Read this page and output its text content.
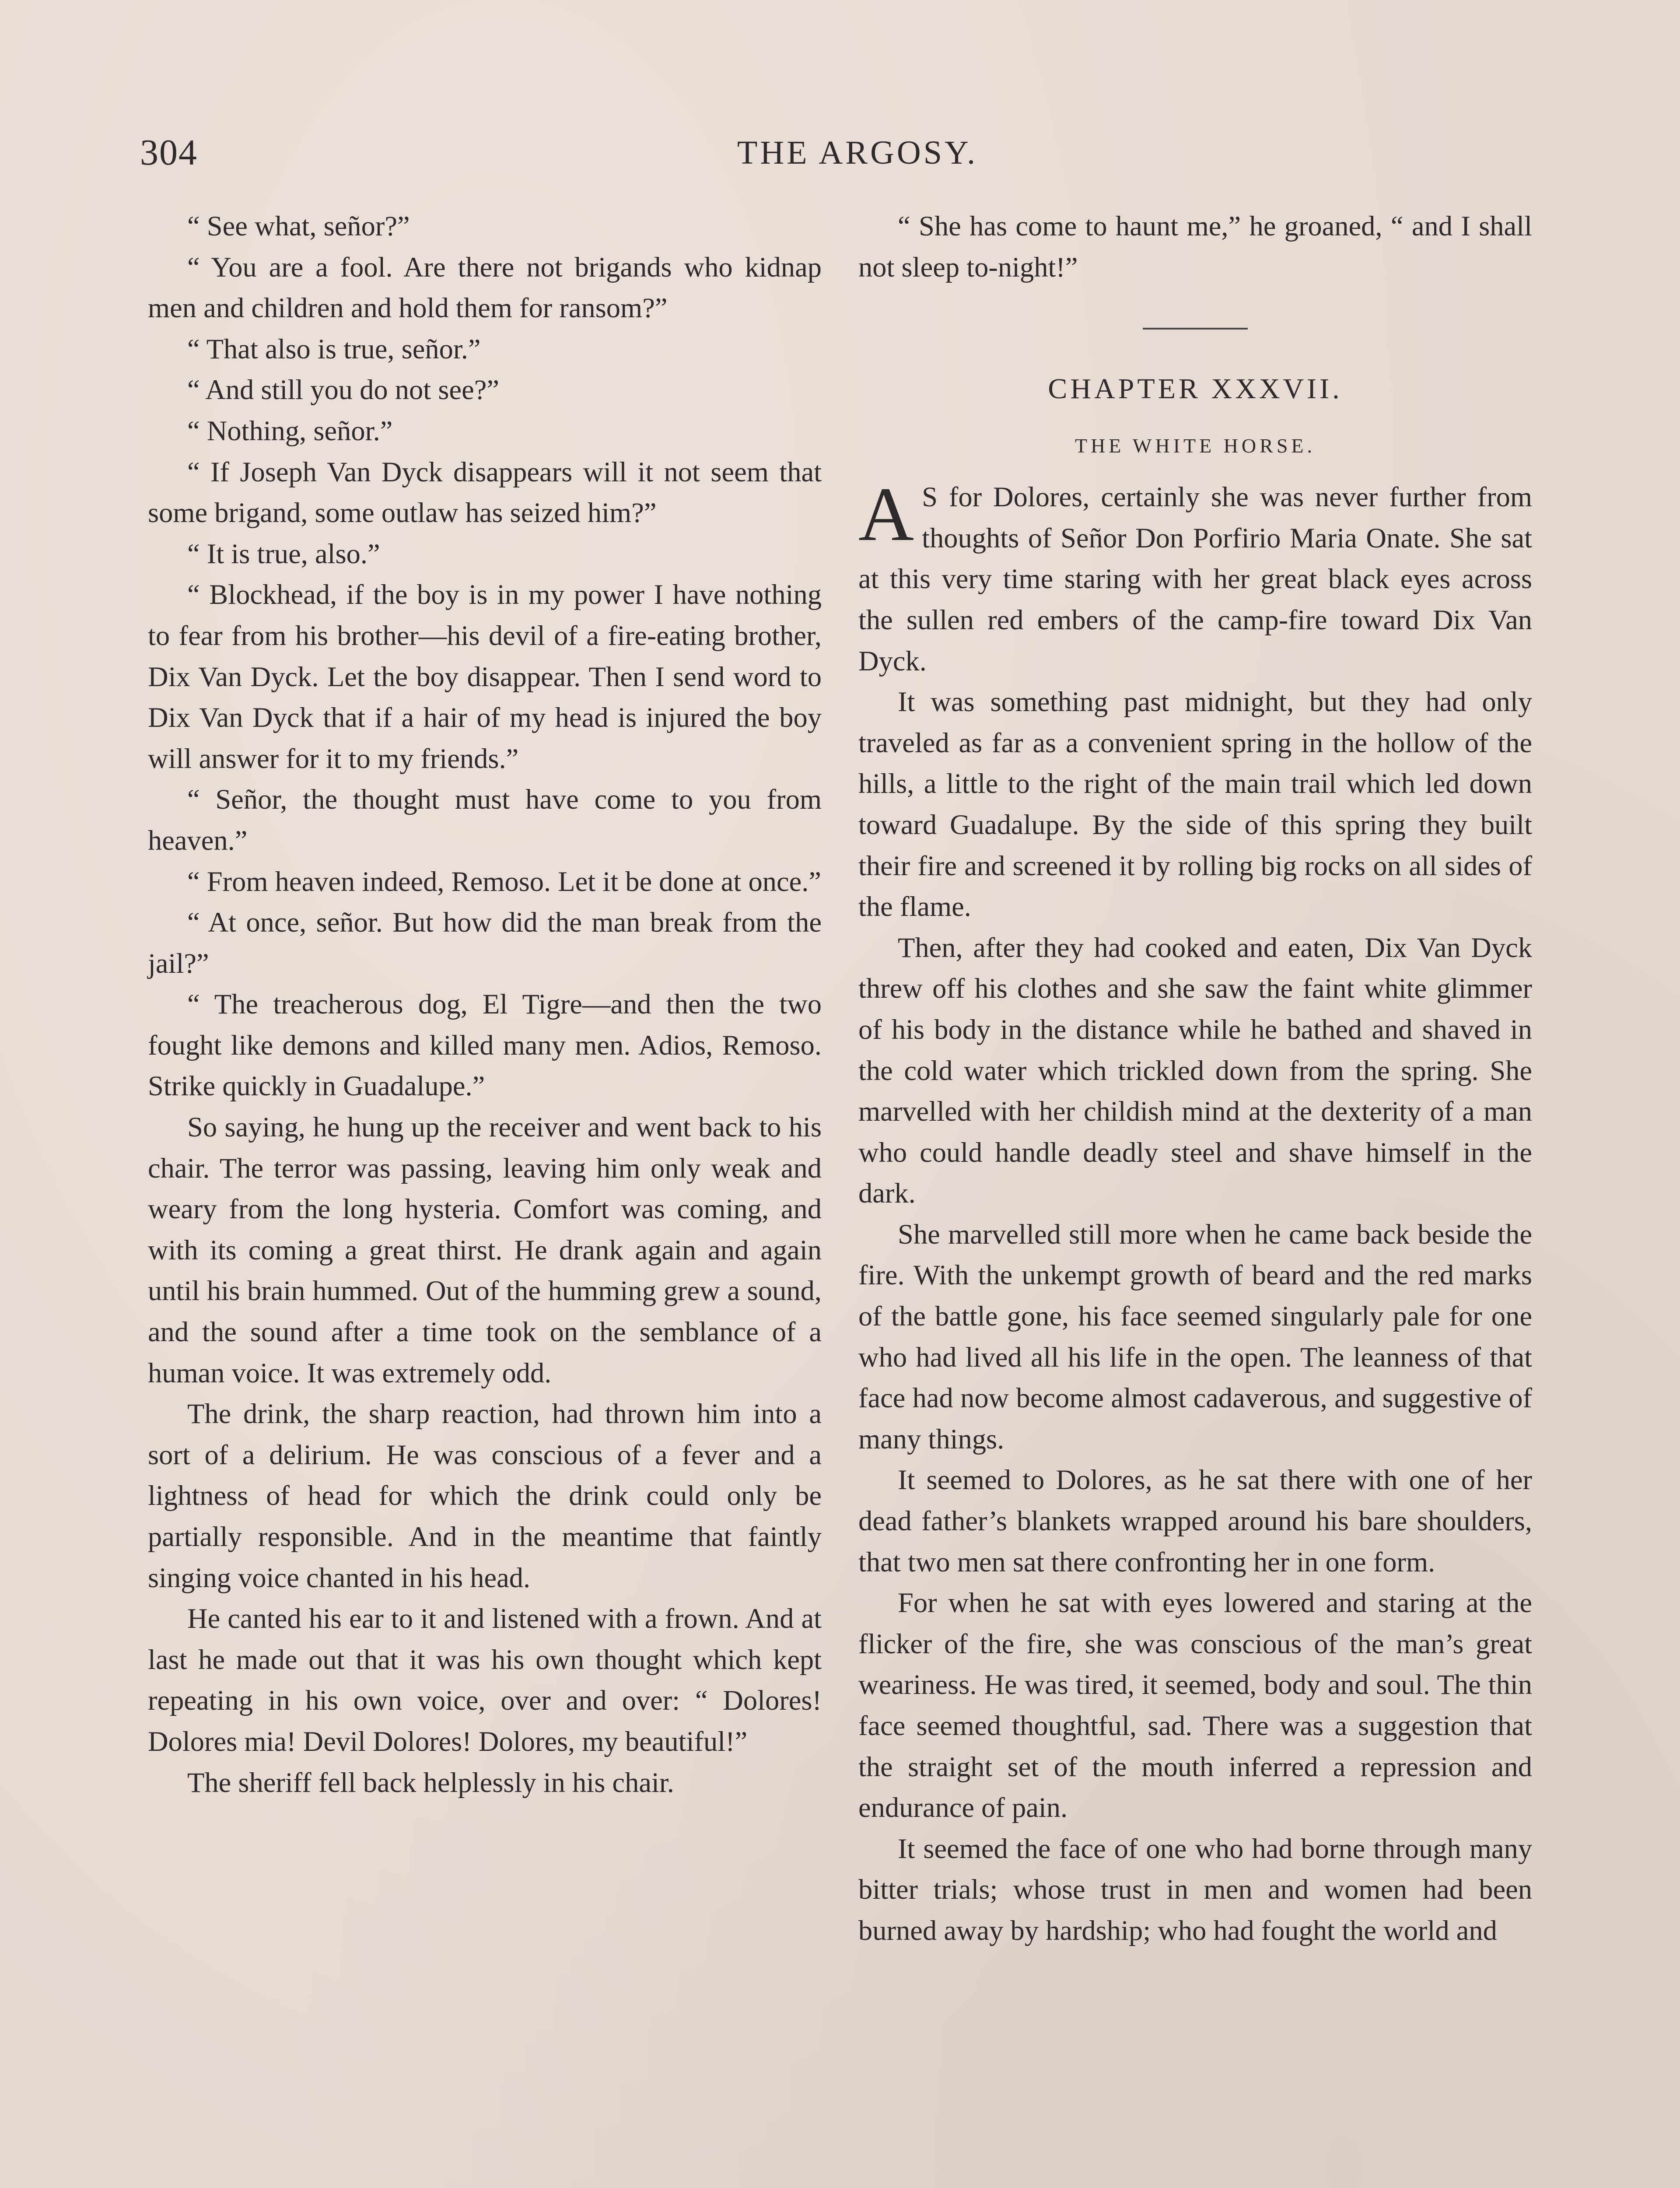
304	THE ARGOSY.

“ See what, señor?”

“ You are a fool. Are there not brigands who kidnap men and children and hold them for ransom?”

“ That also is true, señor.”

“ And still you do not see?”

“ Nothing, señor.”

“ If Joseph Van Dyck disappears will it not seem that some brigand, some outlaw has seized him?”

“ It is true, also.”

“ Blockhead, if the boy is in my power I have nothing to fear from his brother—his devil of a fire-eating brother, Dix Van Dyck. Let the boy disappear. Then I send word to Dix Van Dyck that if a hair of my head is injured the boy will answer for it to my friends.”

“ Señor, the thought must have come to you from heaven.”

“ From heaven indeed, Remoso. Let it be done at once.”

“ At once, señor. But how did the man break from the jail?”

“ The treacherous dog, El Tigre—and then the two fought like demons and killed many men. Adios, Remoso. Strike quickly in Guadalupe.”

So saying, he hung up the receiver and went back to his chair. The terror was passing, leaving him only weak and weary from the long hysteria. Comfort was coming, and with its coming a great thirst. He drank again and again until his brain hummed. Out of the humming grew a sound, and the sound after a time took on the semblance of a human voice. It was extremely odd.

The drink, the sharp reaction, had thrown him into a sort of a delirium. He was conscious of a fever and a lightness of head for which the drink could only be partially responsible. And in the meantime that faintly singing voice chanted in his head.

He canted his ear to it and listened with a frown. And at last he made out that it was his own thought which kept repeating in his own voice, over and over: “ Dolores! Dolores mia! Devil Dolores! Dolores, my beautiful!”

The sheriff fell back helplessly in his chair.

“ She has come to haunt me,” he groaned, “ and I shall not sleep to-night!”

CHAPTER XXXVII.
THE WHITE HORSE.

A S for Dolores, certainly she was never further from thoughts of Señor Don Porfirio Maria Onate. She sat at this very time staring with her great black eyes across the sullen red embers of the camp-fire toward Dix Van Dyck.

It was something past midnight, but they had only traveled as far as a convenient spring in the hollow of the hills, a little to the right of the main trail which led down toward Guadalupe. By the side of this spring they built their fire and screened it by rolling big rocks on all sides of the flame.

Then, after they had cooked and eaten, Dix Van Dyck threw off his clothes and she saw the faint white glimmer of his body in the distance while he bathed and shaved in the cold water which trickled down from the spring. She marvelled with her childish mind at the dexterity of a man who could handle deadly steel and shave himself in the dark.

She marvelled still more when he came back beside the fire. With the unkempt growth of beard and the red marks of the battle gone, his face seemed singularly pale for one who had lived all his life in the open. The leanness of that face had now become almost cadaverous, and suggestive of many things.

It seemed to Dolores, as he sat there with one of her dead father’s blankets wrapped around his bare shoulders, that two men sat there confronting her in one form.

For when he sat with eyes lowered and staring at the flicker of the fire, she was conscious of the man’s great weariness. He was tired, it seemed, body and soul. The thin face seemed thoughtful, sad. There was a suggestion that the straight set of the mouth inferred a repression and endurance of pain.

It seemed the face of one who had borne through many bitter trials; whose trust in men and women had been burned away by hardship; who had fought the world and
